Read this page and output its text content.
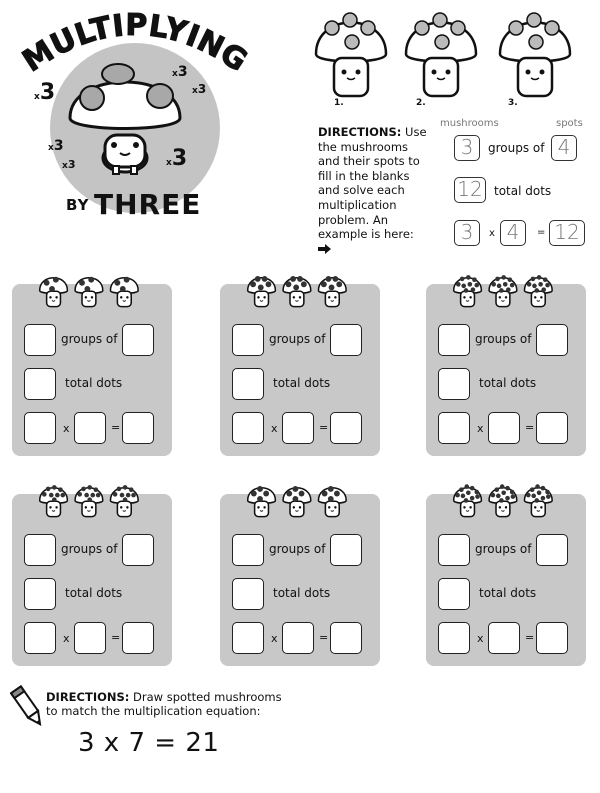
MULTIPLYING
x3
x3
x3
x3
x3	x3
BY THREE
1.	2.	3.
DIRECTIONS: Use the mushrooms and their spots to fill in the blanks and solve each multiplication problem. An example is here:
mushrooms	spots
3	groups of 4
12 total dots
3	x 4	= 12
groups of
total dots
x	=
groups of
total dots
x	=
groups of
total dots
x	=
groups of
total dots
x	=
groups of
total dots
x	=
groups of
total dots
x	=
DIRECTIONS: Draw spotted mushrooms
to match the multiplication equation:
3 x 7 = 21
